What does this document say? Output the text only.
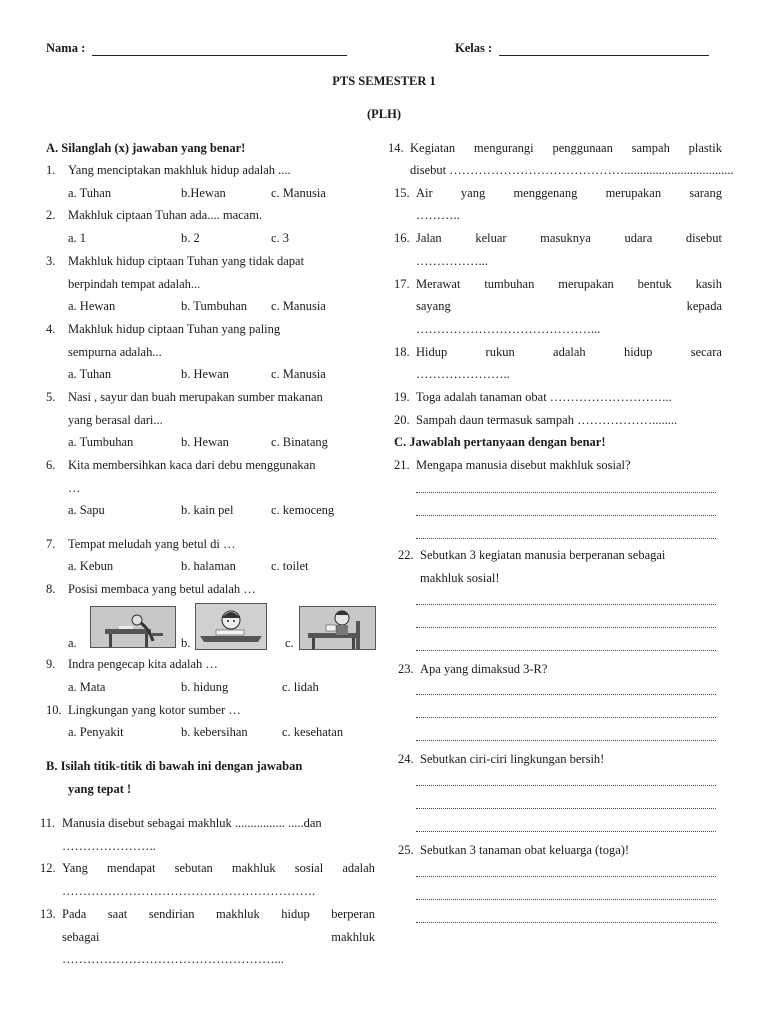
Nama :	Kelas :
PTS SEMESTER 1
(PLH)
A. Silanglah (x) jawaban yang benar!
1. Yang menciptakan makhluk hidup adalah ....
a. Tuhan	b.Hewan	c. Manusia
2. Makhluk ciptaan Tuhan ada.... macam.
a. 1	b. 2	c. 3
3. Makhluk hidup ciptaan Tuhan yang tidak dapat
berpindah tempat adalah...
a. Hewan	b. Tumbuhan c. Manusia
4. Makhluk hidup ciptaan Tuhan yang paling
sempurna adalah...
a. Tuhan	b. Hewan	c. Manusia
5. Nasi , sayur dan buah merupakan sumber makanan
yang berasal dari...
a. Tumbuhan	b. Hewan	c. Binatang
6. Kita membersihkan kaca dari debu menggunakan
…
a. Sapu	b. kain pel	c. kemoceng
7. Tempat meludah yang betul di …
a. Kebun	b. halaman	c. toilet
8. Posisi membaca yang betul adalah …
a.	b.	c.
9. Indra pengecap kita adalah …
a. Mata	b. hidung	c. lidah
10. Lingkungan yang kotor sumber …
a. Penyakit	b. kebersihan	c. kesehatan
B. Isilah titik-titik di bawah ini dengan jawaban
yang tepat !
11. Manusia disebut sebagai makhluk ................ .....dan
…………………..
12. Yang mendapat sebutan makhluk sosial adalah
…………………………………………………….
13. Pada saat sendirian makhluk hidup berperan
sebagai	makhluk
……………………………………………...
14. Kegiatan mengurangi penggunaan sampah plastik
disebut ……………………………………...................................
15. Air yang menggenang merupakan sarang
………..
16. Jalan	keluar	masuknya	udara	disebut
……………...
17. Merawat tumbuhan merupakan bentuk kasih
sayang	kepada
……………………………………...
18. Hidup	rukun	adalah	hidup	secara
…………………..
19. Toga adalah tanaman obat ………………………...
20. Sampah daun termasuk sampah ………………........
C. Jawablah pertanyaan dengan benar!
21. Mengapa manusia disebut makhluk sosial?
22. Sebutkan 3 kegiatan manusia berperanan sebagai
makhluk sosial!
23. Apa yang dimaksud 3-R?
24. Sebutkan ciri-ciri lingkungan bersih!
25. Sebutkan 3 tanaman obat keluarga (toga)!
